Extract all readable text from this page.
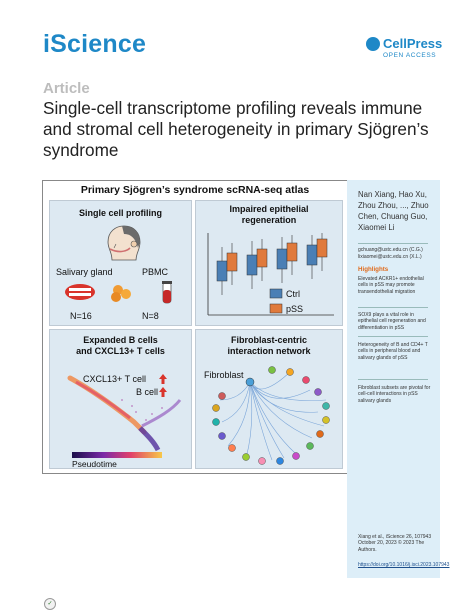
iScience	CellPress
OPEN ACCESS
Article
Single-cell transcriptome profiling reveals immune and stromal cell heterogeneity in primary Sjögren’s syndrome
Primary Sjögren’s syndrome scRNA-seq atlas
Single cell profiling
Salivary gland	PBMC
N=16	N=8
Impaired epithelial
regeneration
Ctrl
pSS
Expanded B cells
and CXCL13+ T cells
CXCL13+ T cell
B cell
Pseudotime
Fibroblast-centric
interaction network
Fibroblast
Nan Xiang, Hao Xu, Zhou Zhou, ..., Zhuo Chen, Chuang Guo, Xiaomei Li
gchuang@ustc.edu.cn (C.G.)
lixiaomei@ustc.edu.cn (X.L.)
Highlights
Elevated ACKR1+ endothelial cells in pSS may promote transendothelial migration
SOX9 plays a vital role in epithelial cell regeneration and differentiation in pSS
Heterogeneity of B and CD4+ T cells in peripheral blood and salivary glands of pSS
Fibroblast subsets are pivotal for cell-cell interactions in pSS salivary glands
Xiang et al., iScience 26, 107943 October 20, 2023 © 2023 The Authors.
https://doi.org/10.1016/j.isci.2023.107943
✓
